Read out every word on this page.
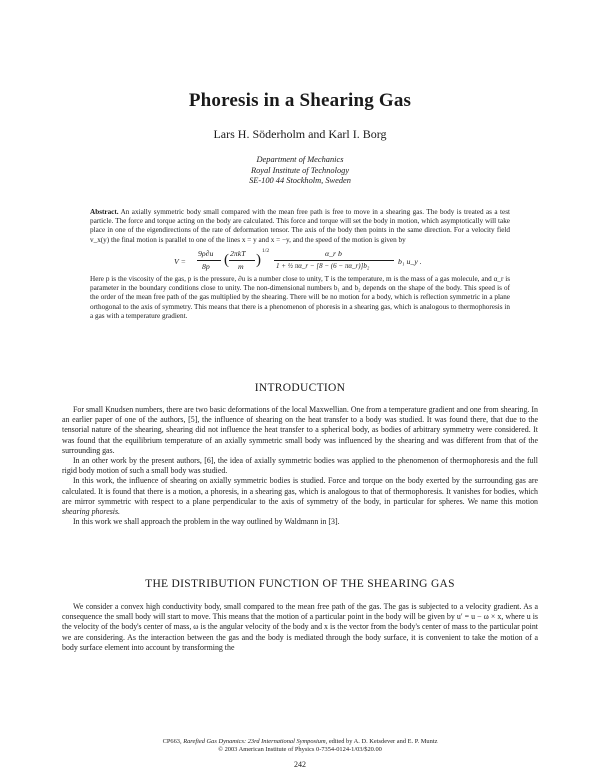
Phoresis in a Shearing Gas
Lars H. Söderholm and Karl I. Borg
Department of Mechanics
Royal Institute of Technology
SE-100 44 Stockholm, Sweden
Abstract. An axially symmetric body small compared with the mean free path is free to move in a shearing gas. The body is treated as a test particle. The force and torque acting on the body are calculated. This force and torque will set the body in motion, which asymptotically will take place in one of the eigendirections of the rate of deformation tensor. The axis of the body then points in the same direction. For a velocity field v_x(y) the final motion is parallel to one of the lines x = y and x = −y, and the speed of the motion is given by
V =
9ρ∂u
8p ( 2πkT
m )
1/2	α_r b
1 + ½ πα_r − [8 − (6 − πα_r)]b₂	b₁ u_y .
Here p is the viscosity of the gas, p is the pressure, ∂u is a number close to unity, T is the temperature, m is the mass of a gas molecule, and α_r is parameter in the boundary conditions close to unity. The non-dimensional numbers b₁ and b₂ depends on the shape of the body. This speed is of the order of the mean free path of the gas multiplied by the shearing. There will be no motion for a body, which is reflection symmetric in a plane orthogonal to the axis of symmetry. This means that there is a phenomenon of phoresis in a shearing gas, which is analogous to thermophoresis in a gas with a temperature gradient.
INTRODUCTION

For small Knudsen numbers, there are two basic deformations of the local Maxwellian. One from a temperature gradient and one from shearing. In an earlier paper of one of the authors, [5], the influence of shearing on the heat transfer to a body was studied. It was found there, that due to the tensorial nature of the shearing, shearing did not influence the heat transfer to a spherical body, as bodies of arbitrary symmetry were considered. It was found that the equilibrium temperature of an axially symmetric small body was influenced by the shearing and was different from that of the surrounding gas.

In an other work by the present authors, [6], the idea of axially symmetric bodies was applied to the phenomenon of thermophoresis and the full rigid body motion of such a small body was studied.

In this work, the influence of shearing on axially symmetric bodies is studied. Force and torque on the body exerted by the surrounding gas are calculated. It is found that there is a motion, a phoresis, in a shearing gas, which is analogous to that of thermophoresis. It vanishes for bodies, which are mirror symmetric with respect to a plane perpendicular to the axis of symmetry of the body, in particular for spheres. We name this motion shearing phoresis.

In this work we shall approach the problem in the way outlined by Waldmann in [3].

THE DISTRIBUTION FUNCTION OF THE SHEARING GAS

We consider a convex high conductivity body, small compared to the mean free path of the gas. The gas is subjected to a velocity gradient. As a consequence the small body will start to move. This means that the motion of a particular point in the body will be given by u′ = u − ω × x, where u is the velocity of the body's center of mass, ω is the angular velocity of the body and x is the vector from the body's center of mass to the particular point we are considering. As the interaction between the gas and the body is mediated through the body surface, it is convenient to take the motion of a body surface element into account by transforming the

CP663, Rarefied Gas Dynamics: 23rd International Symposium, edited by A. D. Ketsdever and E. P. Muntz
© 2003 American Institute of Physics 0-7354-0124-1/03/$20.00
242
